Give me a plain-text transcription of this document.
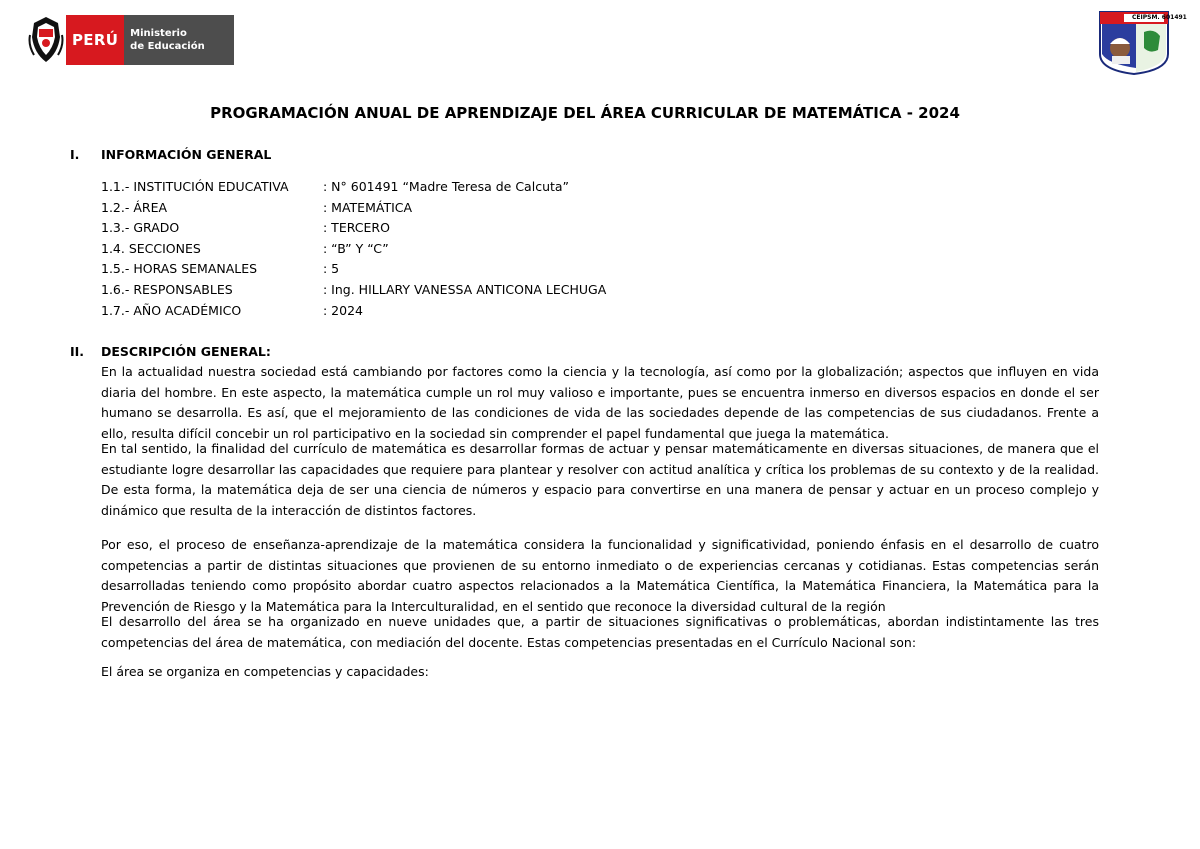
PERÚ	Ministerio
de Educación
PROGRAMACIÓN ANUAL DE APRENDIZAJE DEL ÁREA CURRICULAR DE MATEMÁTICA - 2024
I. INFORMACIÓN GENERAL
1.1.- INSTITUCIÓN EDUCATIVA	: N° 601491 “Madre Teresa de Calcuta”
1.2.- ÁREA	: MATEMÁTICA
1.3.- GRADO	: TERCERO
1.4. SECCIONES	: “B” Y “C”
1.5.- HORAS SEMANALES	: 5
1.6.- RESPONSABLES	: Ing. HILLARY VANESSA ANTICONA LECHUGA
1.7.- AÑO ACADÉMICO	: 2024
II. DESCRIPCIÓN GENERAL:
En la actualidad nuestra sociedad está cambiando por factores como la ciencia y la tecnología, así como por la globalización; aspectos que influyen en vida diaria del hombre. En este aspecto, la matemática cumple un rol muy valioso e importante, pues se encuentra inmerso en diversos espacios en donde el ser humano se desarrolla. Es así, que el mejoramiento de las condiciones de vida de las sociedades depende de las competencias de sus ciudadanos. Frente a ello, resulta difícil concebir un rol participativo en la sociedad sin comprender el papel fundamental que juega la matemática.
En tal sentido, la finalidad del currículo de matemática es desarrollar formas de actuar y pensar matemáticamente en diversas situaciones, de manera que el estudiante logre desarrollar las capacidades que requiere para plantear y resolver con actitud analítica y crítica los problemas de su contexto y de la realidad. De esta forma, la matemática deja de ser una ciencia de números y espacio para convertirse en una manera de pensar y actuar en un proceso complejo y dinámico que resulta de la interacción de distintos factores.
Por eso, el proceso de enseñanza-aprendizaje de la matemática considera la funcionalidad y significatividad, poniendo énfasis en el desarrollo de cuatro competencias a partir de distintas situaciones que provienen de su entorno inmediato o de experiencias cercanas y cotidianas. Estas competencias serán desarrolladas teniendo como propósito abordar cuatro aspectos relacionados a la Matemática Científica, la Matemática Financiera, la Matemática para la Prevención de Riesgo y la Matemática para la Interculturalidad, en el sentido que reconoce la diversidad cultural de la región
El desarrollo del área se ha organizado en nueve unidades que, a partir de situaciones significativas o problemáticas, abordan indistintamente las tres competencias del área de matemática, con mediación del docente. Estas competencias presentadas en el Currículo Nacional son:
El área se organiza en competencias y capacidades:
CEIPSM. 601491
